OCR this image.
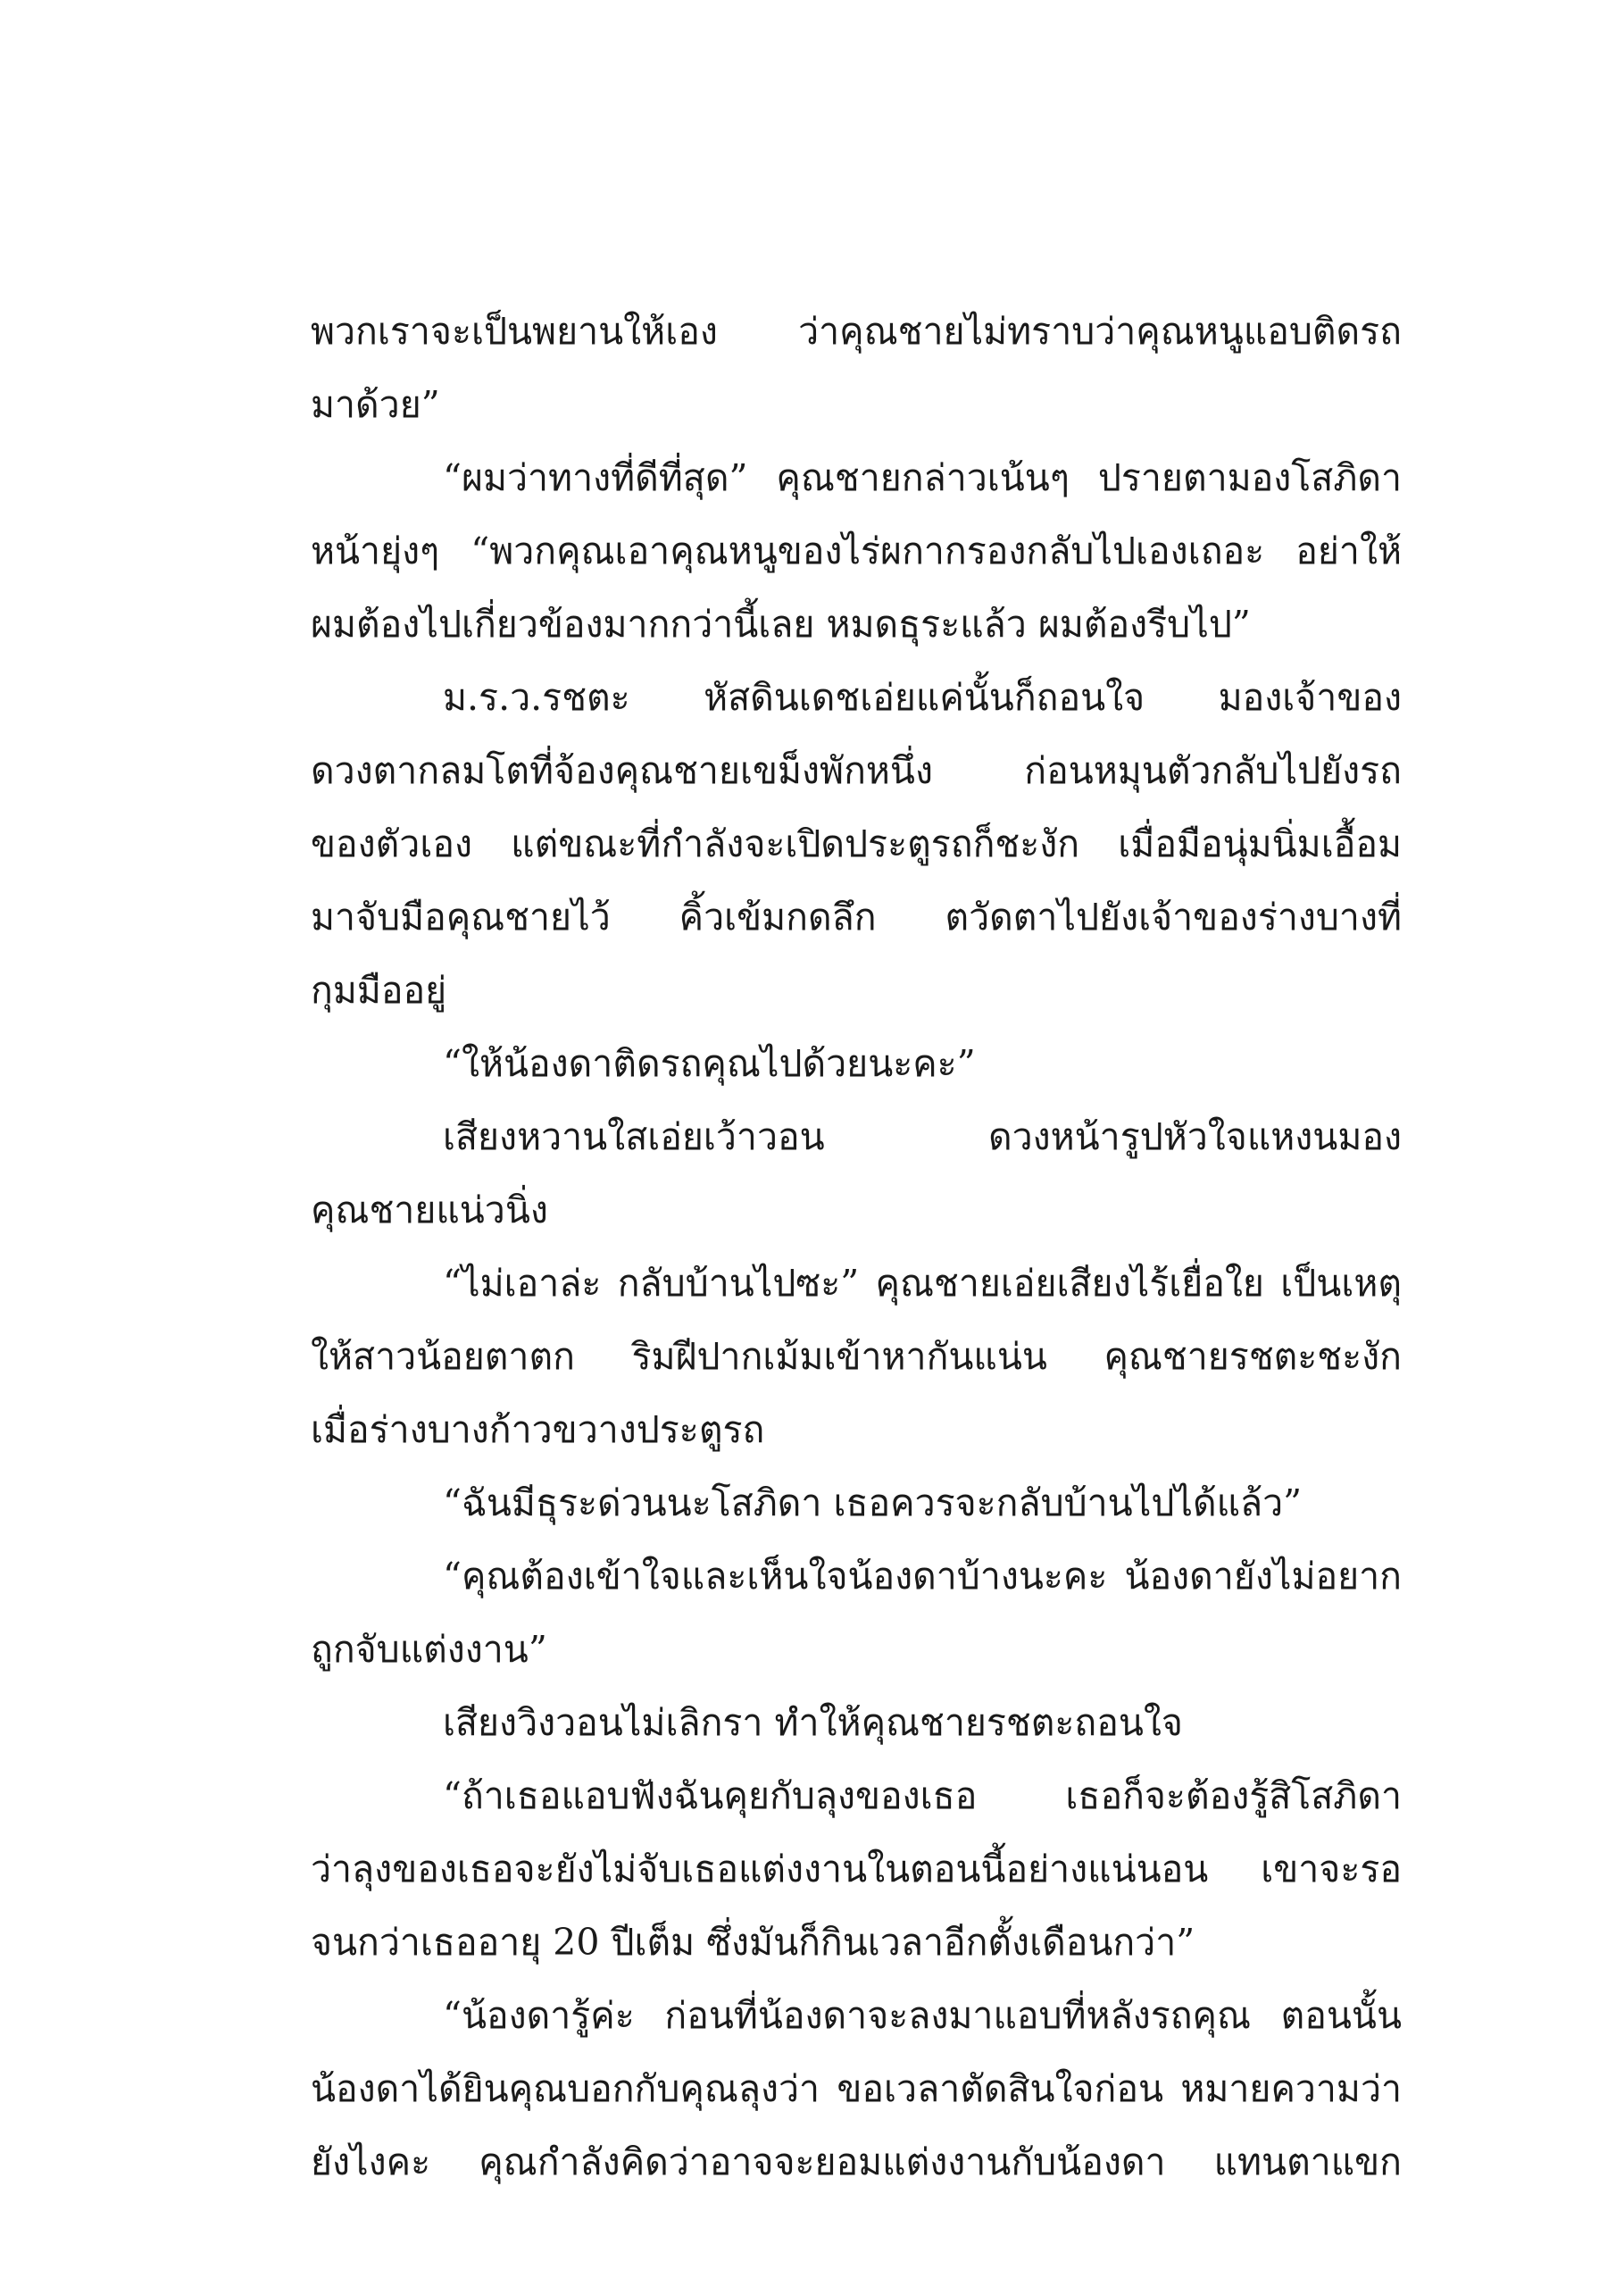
พวกเราจะเป็นพยานให้เอง ว่าคุณชายไม่ทราบว่าคุณหนูแอบติดรถ
มาด้วย”
“ผมว่าทางที่ดีที่สุด” คุณชายกล่าวเน้นๆ ปรายตามองโสภิดา
หน้ายุ่งๆ “พวกคุณเอาคุณหนูของไร่ผกากรองกลับไปเองเถอะ อย่าให้
ผมต้องไปเกี่ยวข้องมากกว่านี้เลย หมดธุระแล้ว ผมต้องรีบไป”
ม.ร.ว.รชตะ หัสดินเดชเอ่ยแค่นั้นก็ถอนใจ มองเจ้าของ
ดวงตากลมโตที่จ้องคุณชายเขม็งพักหนึ่ง ก่อนหมุนตัวกลับไปยังรถ
ของตัวเอง แต่ขณะที่กำลังจะเปิดประตูรถก็ชะงัก เมื่อมือนุ่มนิ่มเอื้อม
มาจับมือคุณชายไว้ คิ้วเข้มกดลึก ตวัดตาไปยังเจ้าของร่างบางที่
กุมมืออยู่
“ให้น้องดาติดรถคุณไปด้วยนะคะ”
เสียงหวานใสเอ่ยเว้าวอน ดวงหน้ารูปหัวใจแหงนมอง
คุณชายแน่วนิ่ง
“ไม่เอาล่ะ กลับบ้านไปซะ” คุณชายเอ่ยเสียงไร้เยื่อใย เป็นเหตุ
ให้สาวน้อยตาตก ริมฝีปากเม้มเข้าหากันแน่น คุณชายรชตะชะงัก
เมื่อร่างบางก้าวขวางประตูรถ
“ฉันมีธุระด่วนนะโสภิดา เธอควรจะกลับบ้านไปได้แล้ว”
“คุณต้องเข้าใจและเห็นใจน้องดาบ้างนะคะ น้องดายังไม่อยาก
ถูกจับแต่งงาน”
เสียงวิงวอนไม่เลิกรา ทำให้คุณชายรชตะถอนใจ
“ถ้าเธอแอบฟังฉันคุยกับลุงของเธอ เธอก็จะต้องรู้สิโสภิดา
ว่าลุงของเธอจะยังไม่จับเธอแต่งงานในตอนนี้อย่างแน่นอน เขาจะรอ
จนกว่าเธออายุ 20 ปีเต็ม ซึ่งมันก็กินเวลาอีกตั้งเดือนกว่า”
“น้องดารู้ค่ะ ก่อนที่น้องดาจะลงมาแอบที่หลังรถคุณ ตอนนั้น
น้องดาได้ยินคุณบอกกับคุณลุงว่า ขอเวลาตัดสินใจก่อน หมายความว่า
ยังไงคะ คุณกำลังคิดว่าอาจจะยอมแต่งงานกับน้องดา แทนตาแขก
